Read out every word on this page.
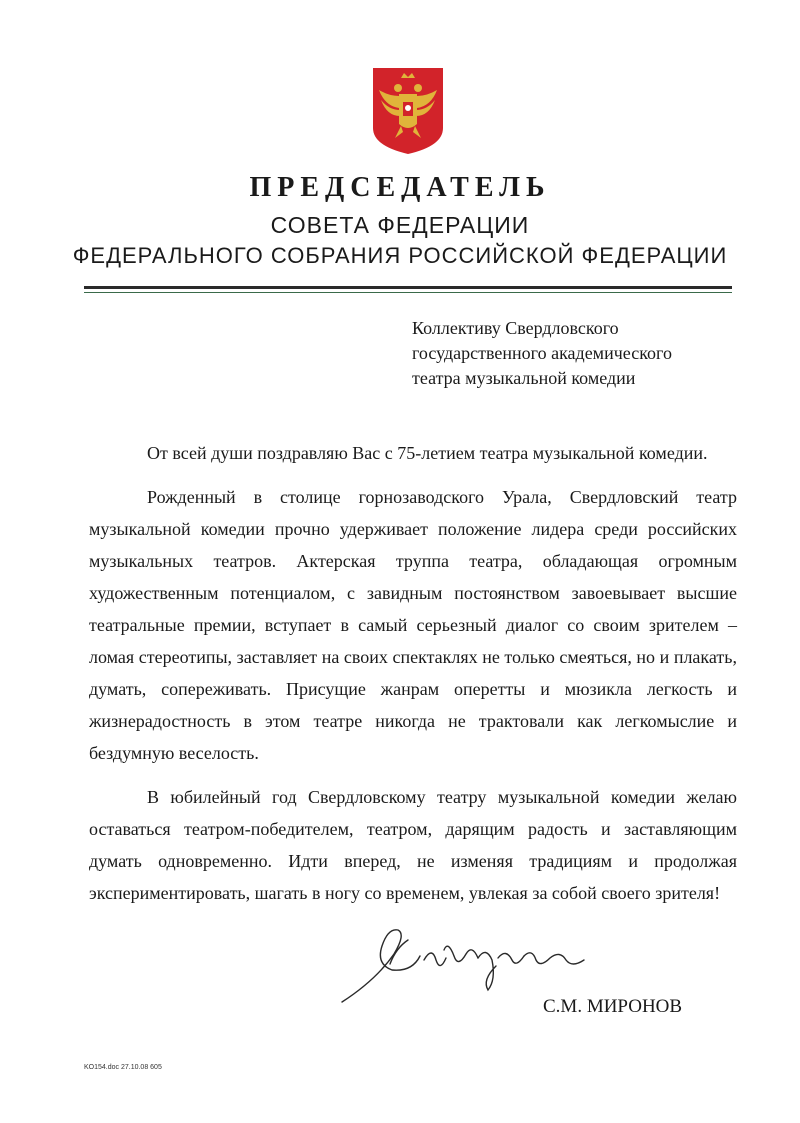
ПРЕДСЕДАТЕЛЬ
СОВЕТА ФЕДЕРАЦИИ
ФЕДЕРАЛЬНОГО СОБРАНИЯ РОССИЙСКОЙ ФЕДЕРАЦИИ
Коллективу Свердловского
государственного академического
театра музыкальной комедии

От всей души поздравляю Вас с 75-летием театра музыкальной комедии.

Рожденный в столице горнозаводского Урала, Свердловский театр музыкальной комедии прочно удерживает положение лидера среди российских музыкальных театров. Актерская труппа театра, обладающая огромным художественным потенциалом, с завидным постоянством завоевывает высшие театральные премии, вступает в самый серьезный диалог со своим зрителем – ломая стереотипы, заставляет на своих спектаклях не только смеяться, но и плакать, думать, сопереживать. Присущие жанрам оперетты и мюзикла легкость и жизнерадостность в этом театре никогда не трактовали как легкомыслие и бездумную веселость.

В юбилейный год Свердловскому театру музыкальной комедии желаю оставаться театром-победителем, театром, дарящим радость и заставляющим думать одновременно. Идти вперед, не изменяя традициям и продолжая экспериментировать, шагать в ногу со временем, увлекая за собой своего зрителя!

С.М. МИРОНОВ
KO154.doc 27.10.08 605
